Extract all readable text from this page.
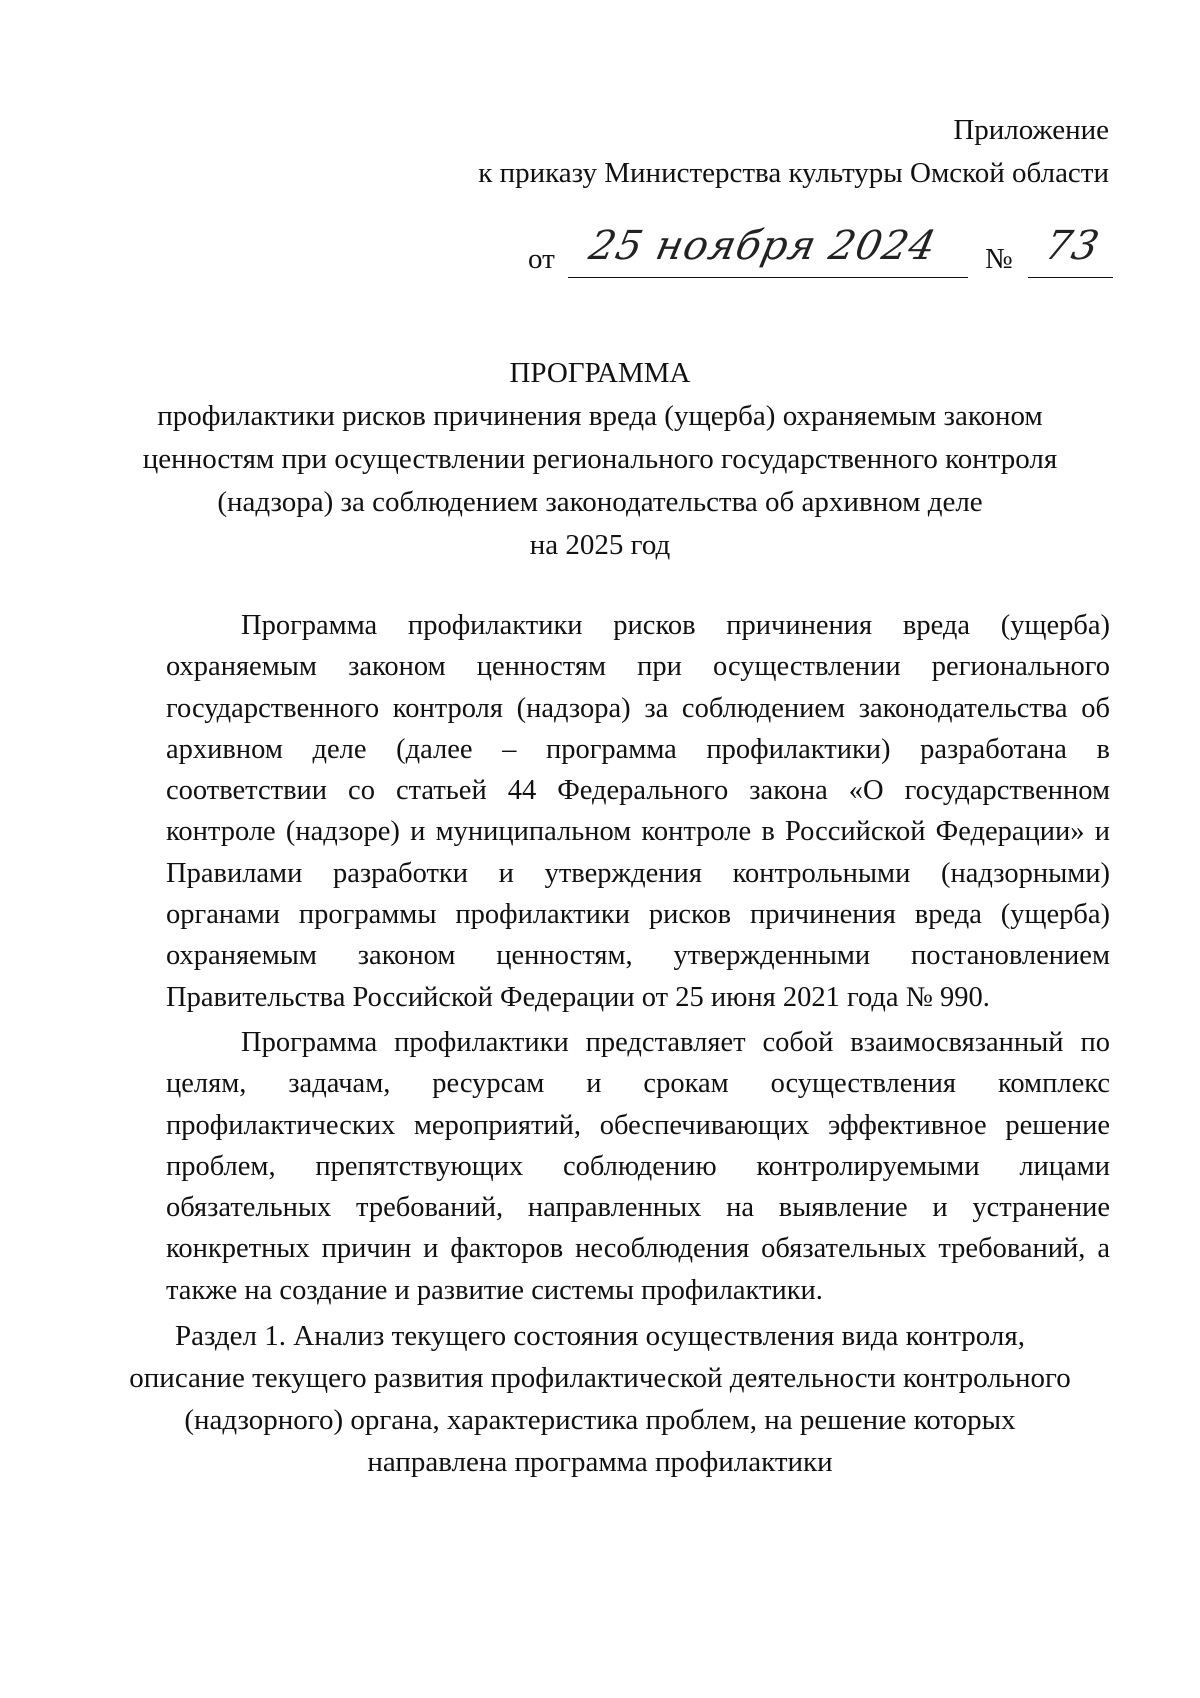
Приложение
к приказу Министерства культуры Омской области
от 25 ноября 2024 № 73
ПРОГРАММА
профилактики рисков причинения вреда (ущерба) охраняемым законом
ценностям при осуществлении регионального государственного контроля
(надзора) за соблюдением законодательства об архивном деле
на 2025 год
Программа профилактики рисков причинения вреда (ущерба) охраняемым законом ценностям при осуществлении регионального государственного контроля (надзора) за соблюдением законодательства об архивном деле (далее – программа профилактики) разработана в соответствии со статьей 44 Федерального закона «О государственном контроле (надзоре) и муниципальном контроле в Российской Федерации» и Правилами разработки и утверждения контрольными (надзорными) органами программы профилактики рисков причинения вреда (ущерба) охраняемым законом ценностям, утвержденными постановлением Правительства Российской Федерации от 25 июня 2021 года № 990.
Программа профилактики представляет собой взаимосвязанный по целям, задачам, ресурсам и срокам осуществления комплекс профилактических мероприятий, обеспечивающих эффективное решение проблем, препятствующих соблюдению контролируемыми лицами обязательных требований, направленных на выявление и устранение конкретных причин и факторов несоблюдения обязательных требований, а также на создание и развитие системы профилактики.
Раздел 1. Анализ текущего состояния осуществления вида контроля,
описание текущего развития профилактической деятельности контрольного
(надзорного) органа, характеристика проблем, на решение которых
направлена программа профилактики
